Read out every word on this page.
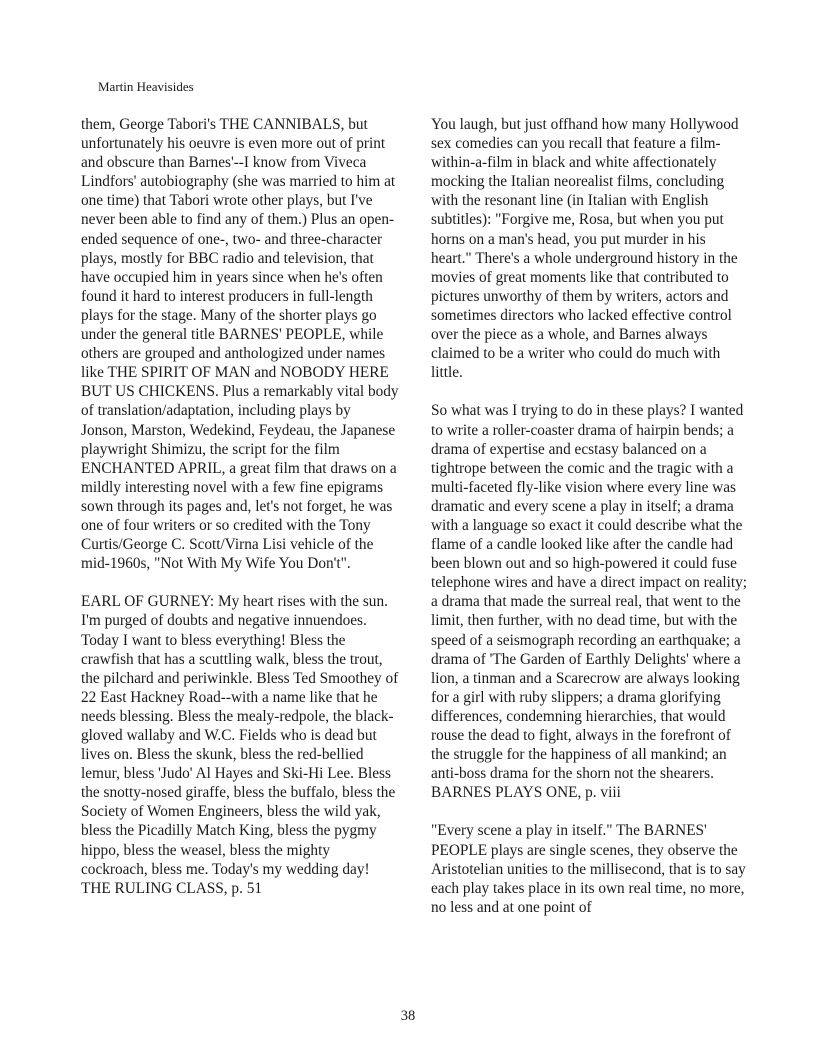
Martin Heavisides

them, George Tabori's THE CANNIBALS, but unfortunately his oeuvre is even more out of print and obscure than Barnes'--I know from Viveca Lindfors' autobiography (she was married to him at one time) that Tabori wrote other plays, but I've never been able to find any of them.) Plus an open-ended sequence of one-, two- and three-character plays, mostly for BBC radio and television, that have occupied him in years since when he's often found it hard to interest producers in full-length plays for the stage. Many of the shorter plays go under the general title BARNES' PEOPLE, while others are grouped and anthologized under names like THE SPIRIT OF MAN and NOBODY HERE BUT US CHICKENS. Plus a remarkably vital body of translation/adaptation, including plays by Jonson, Marston, Wedekind, Feydeau, the Japanese playwright Shimizu, the script for the film ENCHANTED APRIL, a great film that draws on a mildly interesting novel with a few fine epigrams sown through its pages and, let's not forget, he was one of four writers or so credited with the Tony Curtis/George C. Scott/Virna Lisi vehicle of the mid-1960s, "Not With My Wife You Don't".

EARL OF GURNEY: My heart rises with the sun. I'm purged of doubts and negative innuendoes. Today I want to bless everything! Bless the crawfish that has a scuttling walk, bless the trout, the pilchard and periwinkle. Bless Ted Smoothey of 22 East Hackney Road--with a name like that he needs blessing. Bless the mealy-redpole, the black-gloved wallaby and W.C. Fields who is dead but lives on. Bless the skunk, bless the red-bellied lemur, bless 'Judo' Al Hayes and Ski-Hi Lee. Bless the snotty-nosed giraffe, bless the buffalo, bless the Society of Women Engineers, bless the wild yak, bless the Picadilly Match King, bless the pygmy hippo, bless the weasel, bless the mighty cockroach, bless me. Today's my wedding day! THE RULING CLASS, p. 51

You laugh, but just offhand how many Hollywood sex comedies can you recall that feature a film-within-a-film in black and white affectionately mocking the Italian neorealist films, concluding with the resonant line (in Italian with English subtitles): "Forgive me, Rosa, but when you put horns on a man's head, you put murder in his heart." There's a whole underground history in the movies of great moments like that contributed to pictures unworthy of them by writers, actors and sometimes directors who lacked effective control over the piece as a whole, and Barnes always claimed to be a writer who could do much with little.

So what was I trying to do in these plays? I wanted to write a roller-coaster drama of hairpin bends; a drama of expertise and ecstasy balanced on a tightrope between the comic and the tragic with a multi-faceted fly-like vision where every line was dramatic and every scene a play in itself; a drama with a language so exact it could describe what the flame of a candle looked like after the candle had been blown out and so high-powered it could fuse telephone wires and have a direct impact on reality; a drama that made the surreal real, that went to the limit, then further, with no dead time, but with the speed of a seismograph recording an earthquake; a drama of 'The Garden of Earthly Delights' where a lion, a tinman and a Scarecrow are always looking for a girl with ruby slippers; a drama glorifying differences, condemning hierarchies, that would rouse the dead to fight, always in the forefront of the struggle for the happiness of all mankind; an anti-boss drama for the shorn not the shearers. BARNES PLAYS ONE, p. viii

"Every scene a play in itself." The BARNES' PEOPLE plays are single scenes, they observe the Aristotelian unities to the millisecond, that is to say each play takes place in its own real time, no more, no less and at one point of

38
